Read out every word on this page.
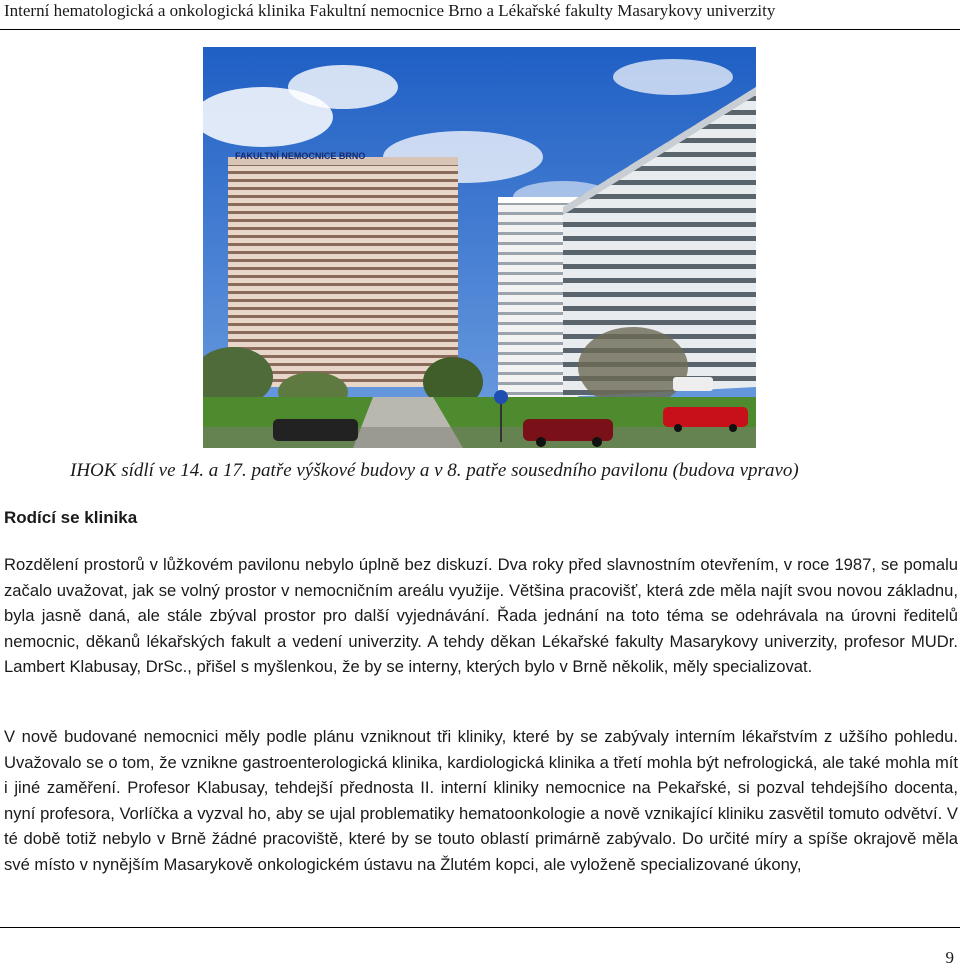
Interní hematologická a onkologická klinika Fakultní nemocnice Brno a Lékařské fakulty Masarykovy univerzity
FAKULTNÍ NEMOCNICE BRNO
IHOK sídlí ve 14. a 17. patře výškové budovy a v 8. patře sousedního pavilonu (budova vpravo)
Rodící se klinika

Rozdělení prostorů v lůžkovém pavilonu nebylo úplně bez diskuzí. Dva roky před slavnostním otevřením, v roce 1987, se pomalu začalo uvažovat, jak se volný prostor v nemocničním areálu využije. Většina pracovišť, která zde měla najít svou novou základnu, byla jasně daná, ale stále zbýval prostor pro další vyjednávání. Řada jednání na toto téma se odehrávala na úrovni ředitelů nemocnic, děkanů lékařských fakult a vedení univerzity. A tehdy děkan Lékařské fakulty Masarykovy univerzity, profesor MUDr. Lambert Klabusay, DrSc., přišel s myšlenkou, že by se interny, kterých bylo v Brně několik, měly specializovat.

V nově budované nemocnici měly podle plánu vzniknout tři kliniky, které by se zabývaly interním lékařstvím z užšího pohledu. Uvažovalo se o tom, že vznikne gastroenterologická klinika, kardiologická klinika a třetí mohla být nefrologická, ale také mohla mít i jiné zaměření. Profesor Klabusay, tehdejší přednosta II. interní kliniky nemocnice na Pekařské, si pozval tehdejšího docenta, nyní profesora, Vorlíčka a vyzval ho, aby se ujal problematiky hematoonkologie a nově vznikající kliniku zasvětil tomuto odvětví. V té době totiž nebylo v Brně žádné pracoviště, které by se touto oblastí primárně zabývalo. Do určité míry a spíše okrajově měla své místo v nynějším Masarykově onkologickém ústavu na Žlutém kopci, ale vyloženě specializované úkony,

9
